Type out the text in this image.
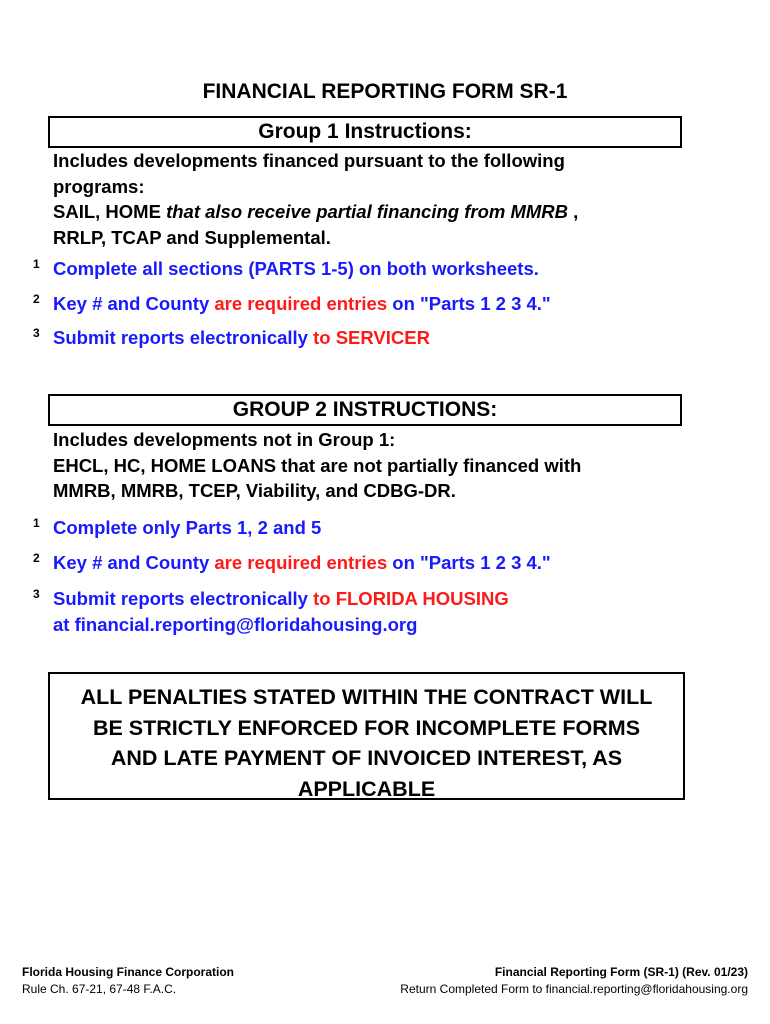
FINANCIAL REPORTING FORM SR-1
Group 1 Instructions:
Includes developments financed pursuant to the following
programs:
SAIL, HOME that also receive partial financing from MMRB ,
RRLP, TCAP and Supplemental.
1 Complete all sections (PARTS 1-5) on both worksheets.
2 Key # and County are required entries on "Parts 1 2 3 4."
3 Submit reports electronically to SERVICER
GROUP 2 INSTRUCTIONS:
Includes developments not in Group 1:
EHCL, HC, HOME LOANS that are not partially financed with
MMRB, MMRB, TCEP, Viability, and CDBG-DR.
1 Complete only Parts 1, 2 and 5
2 Key # and County are required entries on "Parts 1 2 3 4."
3 Submit reports electronically to FLORIDA HOUSING
at financial.reporting@floridahousing.org
ALL PENALTIES STATED WITHIN THE CONTRACT WILL
BE STRICTLY ENFORCED FOR INCOMPLETE FORMS
AND LATE PAYMENT OF INVOICED INTEREST, AS
APPLICABLE
Florida Housing Finance Corporation
Rule Ch. 67-21, 67-48 F.A.C.
Financial Reporting Form (SR-1) (Rev. 01/23)
Return Completed Form to financial.reporting@floridahousing.org
